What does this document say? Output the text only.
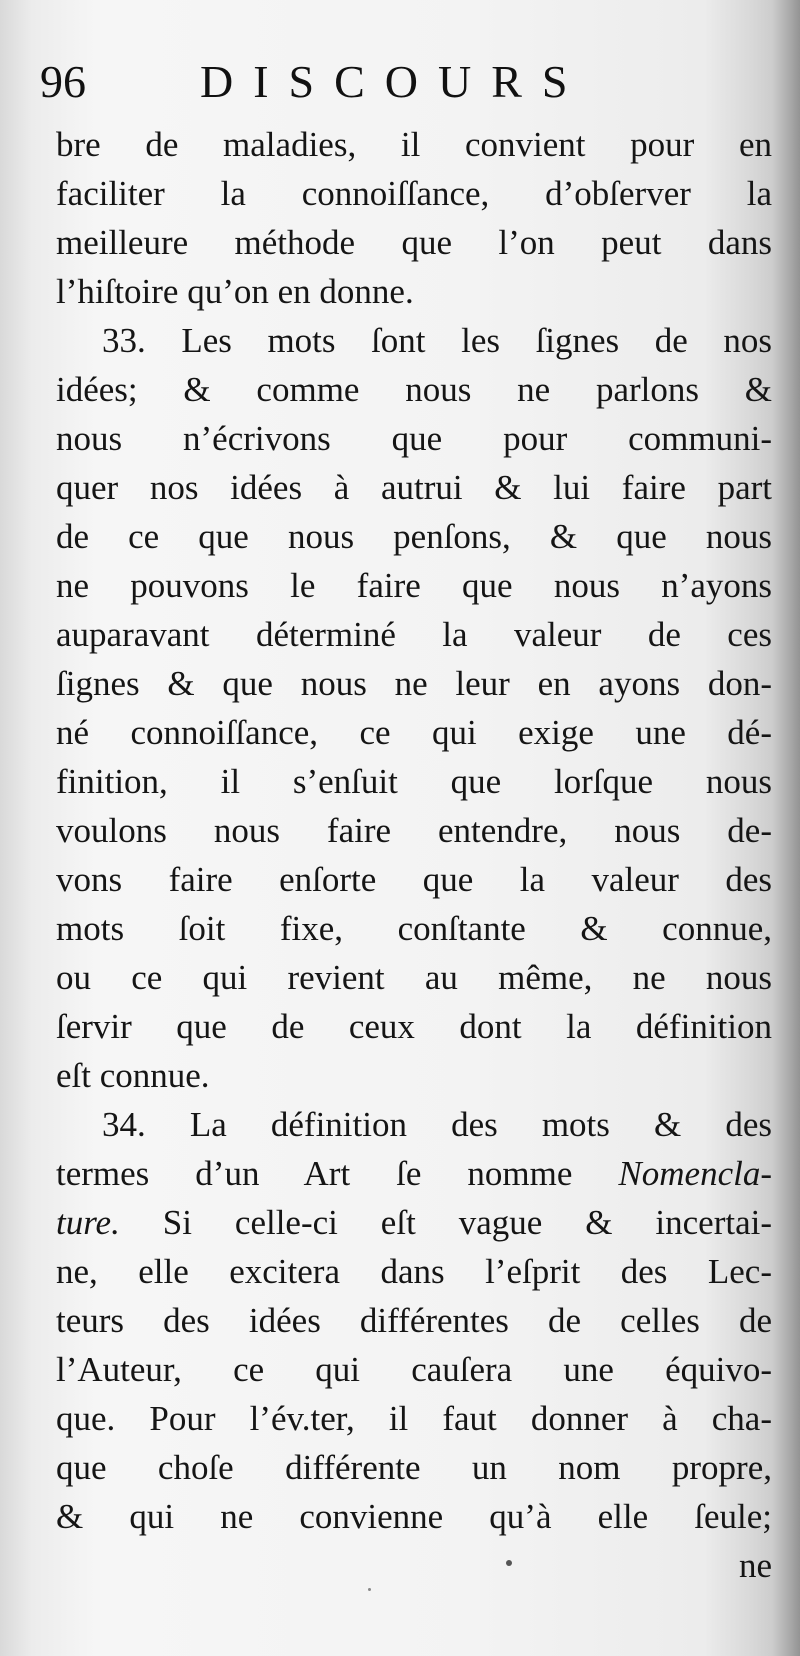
96 DISCOURS
bre de maladies, il convient pour en
faciliter la connoiſſance, d’obſerver la
meilleure méthode que l’on peut dans
l’hiſtoire qu’on en donne.
33. Les mots ſont les ſignes de nos
idées; & comme nous ne parlons &
nous n’écrivons que pour communi-
quer nos idées à autrui & lui faire part
de ce que nous penſons, & que nous
ne pouvons le faire que nous n’ayons
auparavant déterminé la valeur de ces
ſignes & que nous ne leur en ayons don-
né connoiſſance, ce qui exige une dé-
finition, il s’enſuit que lorſque nous
voulons nous faire entendre, nous de-
vons faire enſorte que la valeur des
mots ſoit fixe, conſtante & connue,
ou ce qui revient au même, ne nous
ſervir que de ceux dont la définition
eſt connue.
34. La définition des mots & des
termes d’un Art ſe nomme Nomencla-
ture. Si celle-ci eſt vague & incertai-
ne, elle excitera dans l’eſprit des Lec-
teurs des idées différentes de celles de
l’Auteur, ce qui cauſera une équivo-
que. Pour l’év.ter, il faut donner à cha-
que choſe différente un nom propre,
& qui ne convienne qu’à elle ſeule;
ne
